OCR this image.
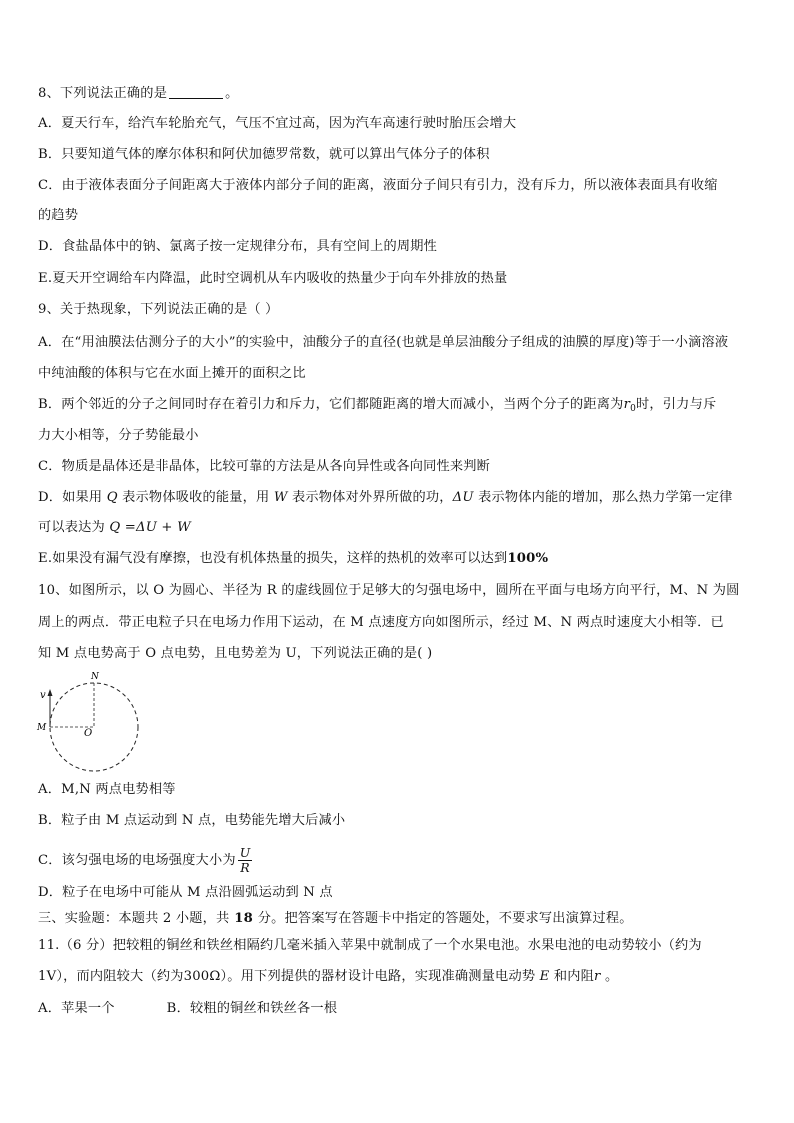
8、下列说法正确的是	。
A．夏天行车，给汽车轮胎充气，气压不宜过高，因为汽车高速行驶时胎压会增大
B．只要知道气体的摩尔体积和阿伏加德罗常数，就可以算出气体分子的体积
C．由于液体表面分子间距离大于液体内部分子间的距离，液面分子间只有引力，没有斥力，所以液体表面具有收缩
的趋势
D．食盐晶体中的钠、氯离子按一定规律分布，具有空间上的周期性
E.夏天开空调给车内降温，此时空调机从车内吸收的热量少于向车外排放的热量
9、关于热现象，下列说法正确的是（ ）
A．在“用油膜法估测分子的大小”的实验中，油酸分子的直径(也就是单层油酸分子组成的油膜的厚度)等于一小滴溶液
中纯油酸的体积与它在水面上摊开的面积之比
B．两个邻近的分子之间同时存在着引力和斥力，它们都随距离的增大而减小，当两个分子的距离为$r_0$时，引力与斥
力大小相等，分子势能最小
C．物质是晶体还是非晶体，比较可靠的方法是从各向异性或各向同性来判断
D．如果用 Q 表示物体吸收的能量，用 W 表示物体对外界所做的功，ΔU 表示物体内能的增加，那么热力学第一定律
可以表达为 Q =ΔU + W
E.如果没有漏气没有摩擦，也没有机体热量的损失，这样的热机的效率可以达到100%
10、如图所示，以 O 为圆心、半径为 R 的虚线圆位于足够大的匀强电场中，圆所在平面与电场方向平行，M、N 为圆
周上的两点．带正电粒子只在电场力作用下运动，在 M 点速度方向如图所示，经过 M、N 两点时速度大小相等．已
知 M 点电势高于 O 点电势，且电势差为 U，下列说法正确的是( )
v
N
M	O
A．M,N 两点电势相等
B．粒子由 M 点运动到 N 点，电势能先增大后减小
C．该匀强电场的电场强度大小为 $\frac{U}{R}$
D．粒子在电场中可能从 M 点沿圆弧运动到 N 点
三、实验题：本题共 2 小题，共 18 分。把答案写在答题卡中指定的答题处，不要求写出演算过程。
11.（6 分）把较粗的铜丝和铁丝相隔约几毫米插入苹果中就制成了一个水果电池。水果电池的电动势较小（约为
1V），而内阻较大（约为300Ω）。用下列提供的器材设计电路，实现准确测量电动势 E 和内阻r 。
A．苹果一个	B．较粗的铜丝和铁丝各一根
